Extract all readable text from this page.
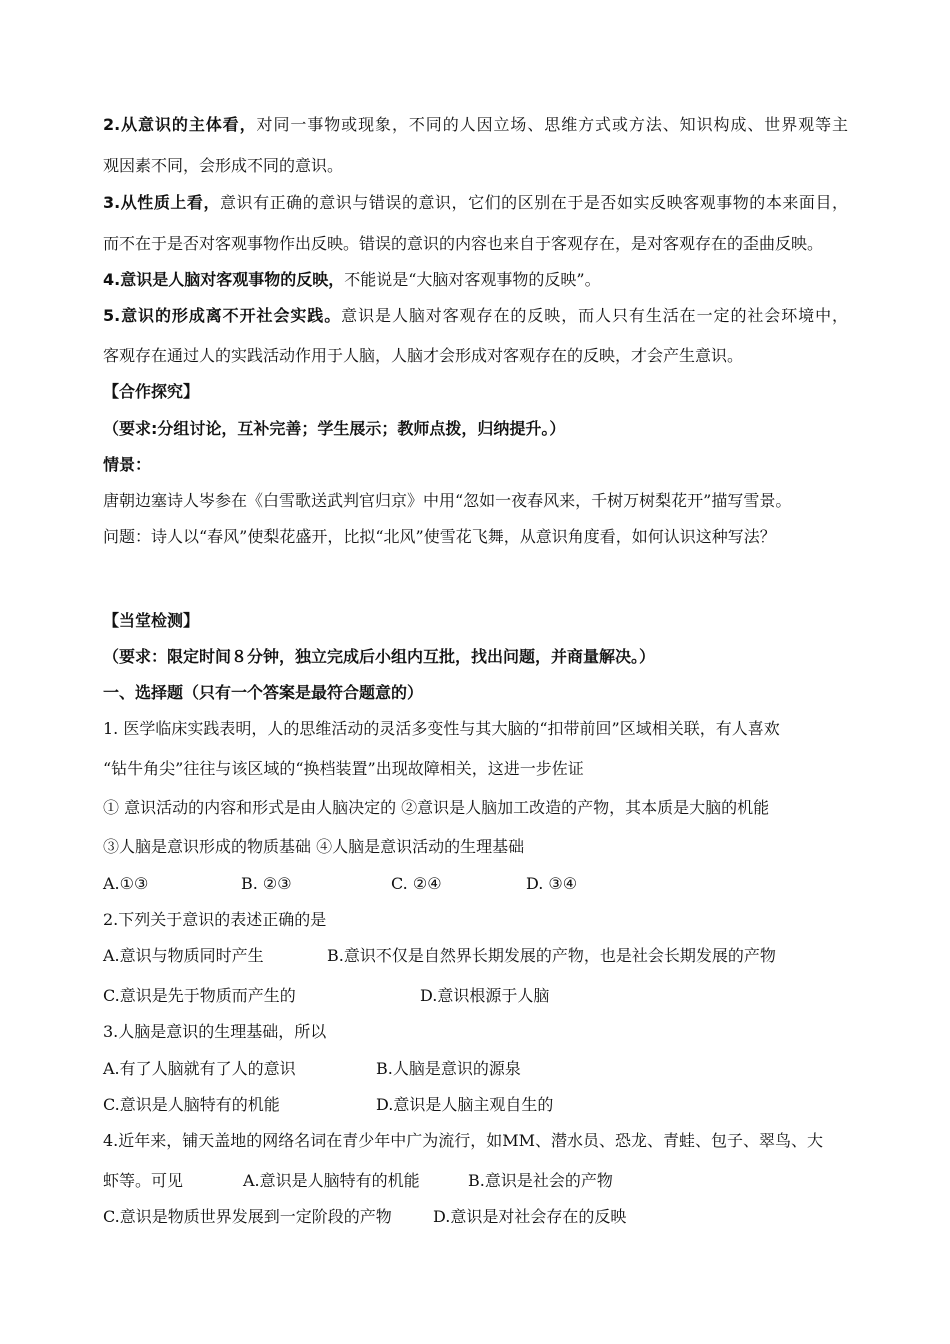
2.从意识的主体看，对同一事物或现象，不同的人因立场、思维方式或方法、知识构成、世界观等主
观因素不同，会形成不同的意识。
3.从性质上看，意识有正确的意识与错误的意识，它们的区别在于是否如实反映客观事物的本来面目，
而不在于是否对客观事物作出反映。错误的意识的内容也来自于客观存在，是对客观存在的歪曲反映。
4.意识是人脑对客观事物的反映，不能说是“大脑对客观事物的反映”。
5.意识的形成离不开社会实践。意识是人脑对客观存在的反映，而人只有生活在一定的社会环境中，
客观存在通过人的实践活动作用于人脑，人脑才会形成对客观存在的反映，才会产生意识。
【合作探究】
（要求:分组讨论，互补完善；学生展示；教师点拨，归纳提升。）
情景：
唐朝边塞诗人岑参在《白雪歌送武判官归京》中用“忽如一夜春风来，千树万树梨花开”描写雪景。
问题：诗人以“春风”使梨花盛开，比拟“北风”使雪花飞舞，从意识角度看，如何认识这种写法？
【当堂检测】
（要求：限定时间８分钟，独立完成后小组内互批，找出问题，并商量解决。）
一、选择题（只有一个答案是最符合题意的）
1. 医学临床实践表明，人的思维活动的灵活多变性与其大脑的“扣带前回”区域相关联，有人喜欢
“钻牛角尖”往往与该区域的“换档装置”出现故障相关，这进一步佐证
① 意识活动的内容和形式是由人脑决定的 ②意识是人脑加工改造的产物，其本质是大脑的机能
③人脑是意识形成的物质基础 ④人脑是意识活动的生理基础
A.①③	B. ②③	C. ②④	D. ③④
2.下列关于意识的表述正确的是
A.意识与物质同时产生	B.意识不仅是自然界长期发展的产物，也是社会长期发展的产物
C.意识是先于物质而产生的	D.意识根源于人脑
3.人脑是意识的生理基础，所以
A.有了人脑就有了人的意识	B.人脑是意识的源泉
C.意识是人脑特有的机能	D.意识是人脑主观自生的
4.近年来，铺天盖地的网络名词在青少年中广为流行，如MM、潜水员、恐龙、青蛙、包子、翠鸟、大
虾等。可见	A.意识是人脑特有的机能	B.意识是社会的产物
C.意识是物质世界发展到一定阶段的产物	D.意识是对社会存在的反映
